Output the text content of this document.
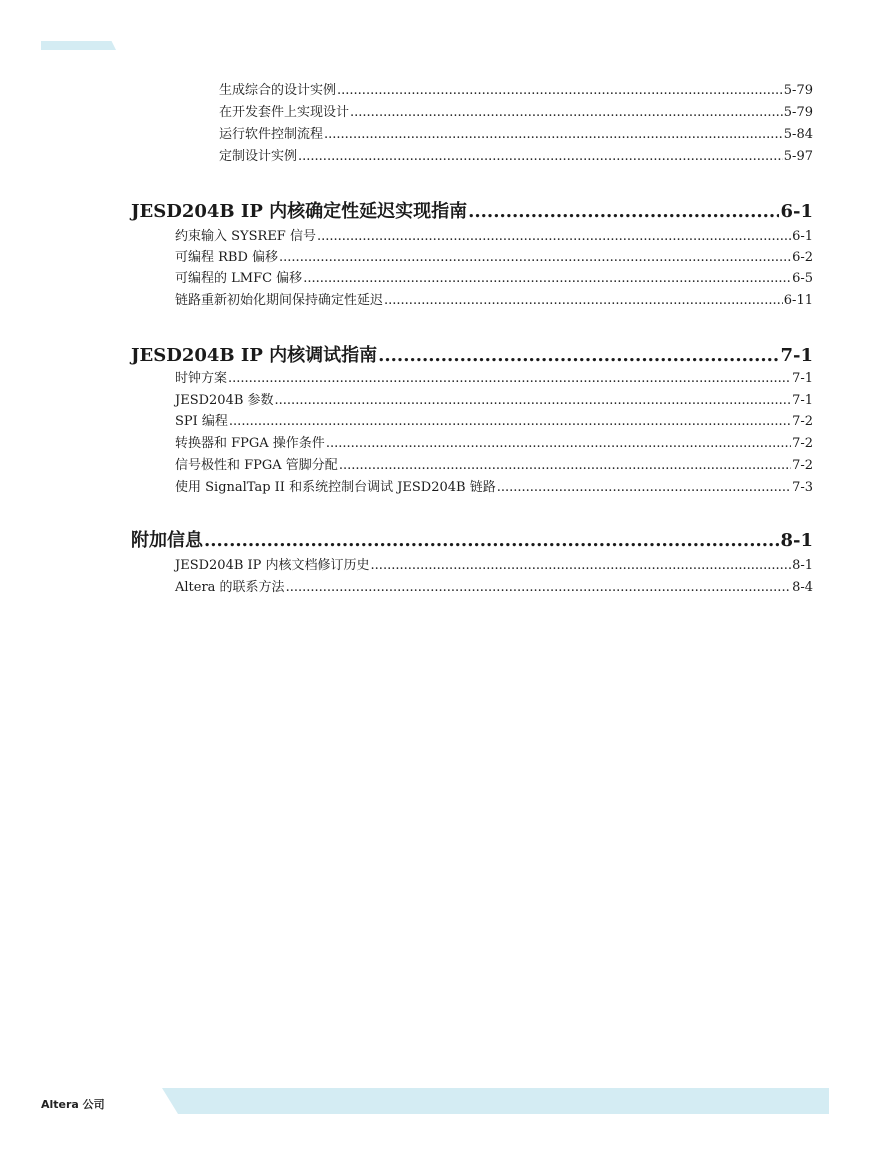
生成综合的设计实例 .....	5-79
在开发套件上实现设计 .....	5-79
运行软件控制流程 .....	5-84
定制设计实例 .....	5-97
JESD204B IP 内核确定性延迟实现指南 .....	6-1
约束输入 SYSREF 信号 .....	6-1
可编程 RBD 偏移 .....	6-2
可编程的 LMFC 偏移 .....	6-5
链路重新初始化期间保持确定性延迟 .....	6-11
JESD204B IP 内核调试指南 .....	7-1
时钟方案 .....	7-1
JESD204B 参数 .....	7-1
SPI 编程 .....	7-2
转换器和 FPGA 操作条件 .....	7-2
信号极性和 FPGA 管脚分配 .....	7-2
使用 SignalTap II 和系统控制台调试 JESD204B 链路 .....	7-3
附加信息 .....	8-1
JESD204B IP 内核文档修订历史 .....	8-1
Altera 的联系方法 .....	8-4
Altera 公司
